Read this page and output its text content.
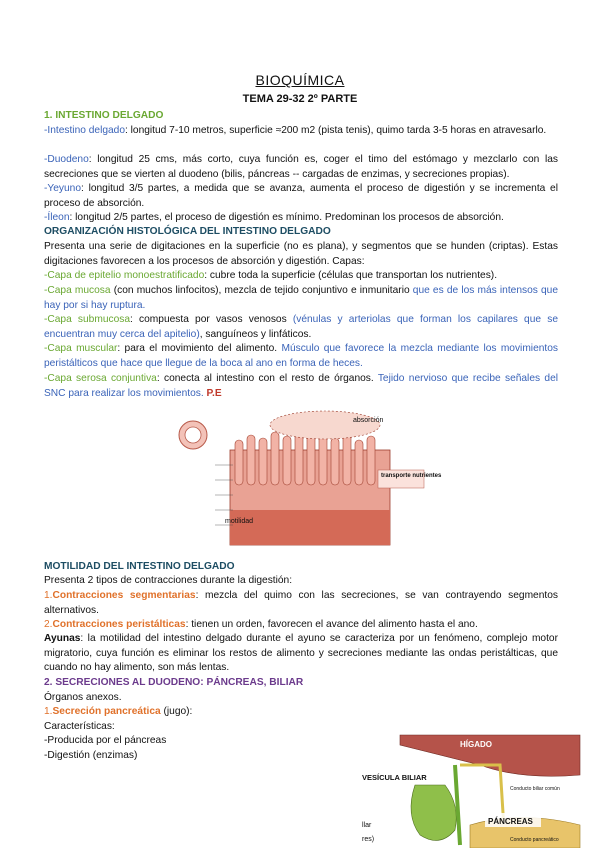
BIOQUÍMICA
TEMA 29-32 2º PARTE
1. INTESTINO DELGADO
-Intestino delgado: longitud 7-10 metros, superficie ≈200 m2 (pista tenis), quimo tarda 3-5 horas en atravesarlo.
-Duodeno: longitud 25 cms, más corto, cuya función es, coger el timo del estómago y mezclarlo con las secreciones que se vierten al duodeno (bilis, páncreas -- cargadas de enzimas, y secreciones propias).
-Yeyuno: longitud 3/5 partes, a medida que se avanza, aumenta el proceso de digestión y se incrementa el proceso de absorción.
-Íleon: longitud 2/5 partes, el proceso de digestión es mínimo. Predominan los procesos de absorción.
ORGANIZACIÓN HISTOLÓGICA DEL INTESTINO DELGADO
Presenta una serie de digitaciones en la superficie (no es plana), y segmentos que se hunden (criptas). Estas digitaciones favorecen a los procesos de absorción y digestión. Capas:
-Capa de epitelio monoestratificado: cubre toda la superficie (células que transportan los nutrientes).
-Capa mucosa (con muchos linfocitos), mezcla de tejido conjuntivo e inmunitario que es de los más intensos que hay por si hay ruptura.
-Capa submucosa: compuesta por vasos venosos (vénulas y arteriolas que forman los capilares que se encuentran muy cerca del apitelio), sanguíneos y linfáticos.
-Capa muscular: para el movimiento del alimento. Músculo que favorece la mezcla mediante los movimientos peristálticos que hace que llegue de la boca al ano en forma de heces.
-Capa serosa conjuntiva: conecta al intestino con el resto de órganos. Tejido nervioso que recibe señales del SNC para realizar los movimientos. P.E
absorción
transporte nutrientes
motilidad
MOTILIDAD DEL INTESTINO DELGADO
Presenta 2 tipos de contracciones durante la digestión:
1.Contracciones segmentarias: mezcla del quimo con las secreciones, se van contrayendo segmentos alternativos.
2.Contracciones peristálticas: tienen un orden, favorecen el avance del alimento hasta el ano.
Ayunas: la motilidad del intestino delgado durante el ayuno se caracteriza por un fenómeno, complejo motor migratorio, cuya función es eliminar los restos de alimento y secreciones mediante las ondas peristálticas, que cuando no hay alimento, son más lentas.
2. SECRECIONES AL DUODENO: PÁNCREAS, BILIAR
Órganos anexos.
1.Secreción pancreática (jugo):
Características:
-Producida por el páncreas
-Digestión (enzimas)
HÍGADO
PÁNCREAS
VESÍCULA BILIAR
Conducto biliar común
Conducto pancreático
llar
res)
